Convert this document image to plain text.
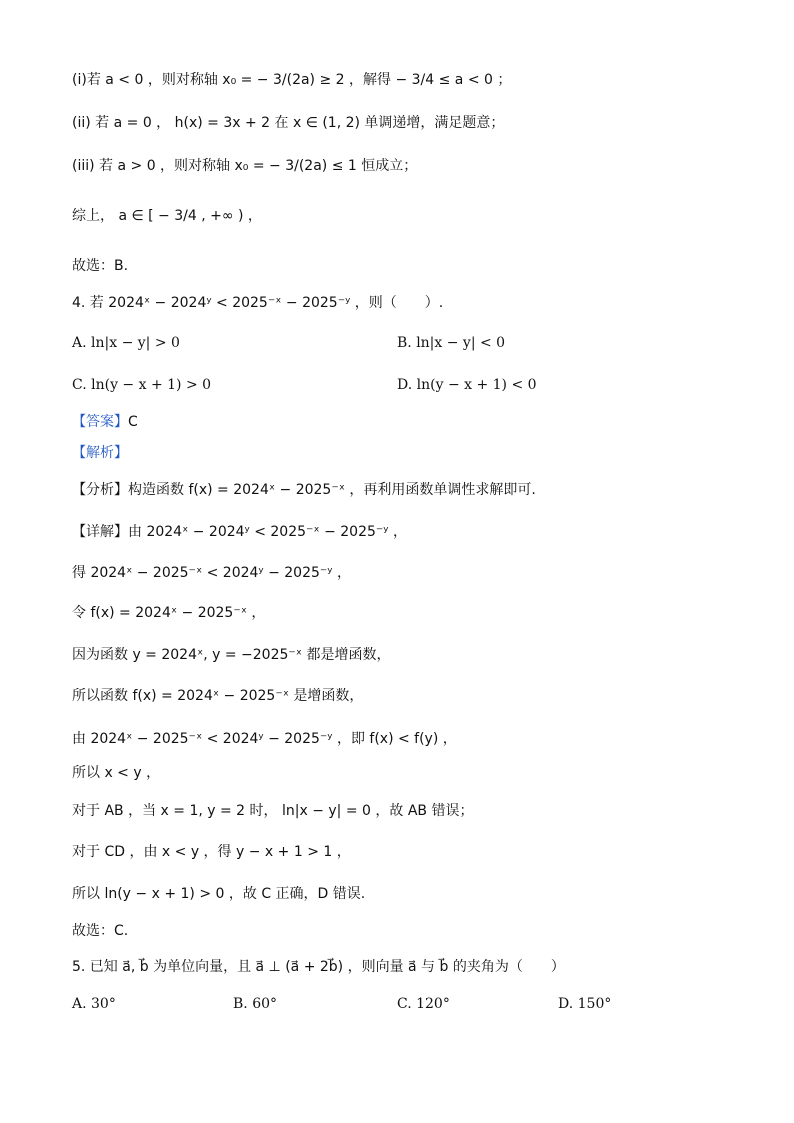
(i)若 a < 0 ，则对称轴 x₀ = − 3/(2a) ≥ 2 ，解得 − 3/4 ≤ a < 0 ；
(ii) 若 a = 0 ， h(x) = 3x + 2 在 x ∈ (1, 2) 单调递增，满足题意；
(iii) 若 a > 0 ，则对称轴 x₀ = − 3/(2a) ≤ 1 恒成立；
综上， a ∈ [ − 3/4 , +∞ ) ，
故选：B.
4. 若 2024ˣ − 2024ʸ < 2025⁻ˣ − 2025⁻ʸ ，则（　　）.
A. ln|x − y| > 0	B. ln|x − y| < 0
C. ln(y − x + 1) > 0	D. ln(y − x + 1) < 0
【答案】C
【解析】
【分析】构造函数 f(x) = 2024ˣ − 2025⁻ˣ ，再利用函数单调性求解即可.
【详解】由 2024ˣ − 2024ʸ < 2025⁻ˣ − 2025⁻ʸ ，
得 2024ˣ − 2025⁻ˣ < 2024ʸ − 2025⁻ʸ ，
令 f(x) = 2024ˣ − 2025⁻ˣ ，
因为函数 y = 2024ˣ, y = −2025⁻ˣ 都是增函数，
所以函数 f(x) = 2024ˣ − 2025⁻ˣ 是增函数，
由 2024ˣ − 2025⁻ˣ < 2024ʸ − 2025⁻ʸ ，即 f(x) < f(y) ，
所以 x < y ，
对于 AB ，当 x = 1, y = 2 时， ln|x − y| = 0 ，故 AB 错误；
对于 CD ，由 x < y ，得 y − x + 1 > 1 ，
所以 ln(y − x + 1) > 0 ，故 C 正确，D 错误.
故选：C.
5. 已知 a⃗, b⃗ 为单位向量，且 a⃗ ⊥ (a⃗ + 2b⃗) ，则向量 a⃗ 与 b⃗ 的夹角为（　　）
A. 30°	B. 60°	C. 120°	D. 150°
